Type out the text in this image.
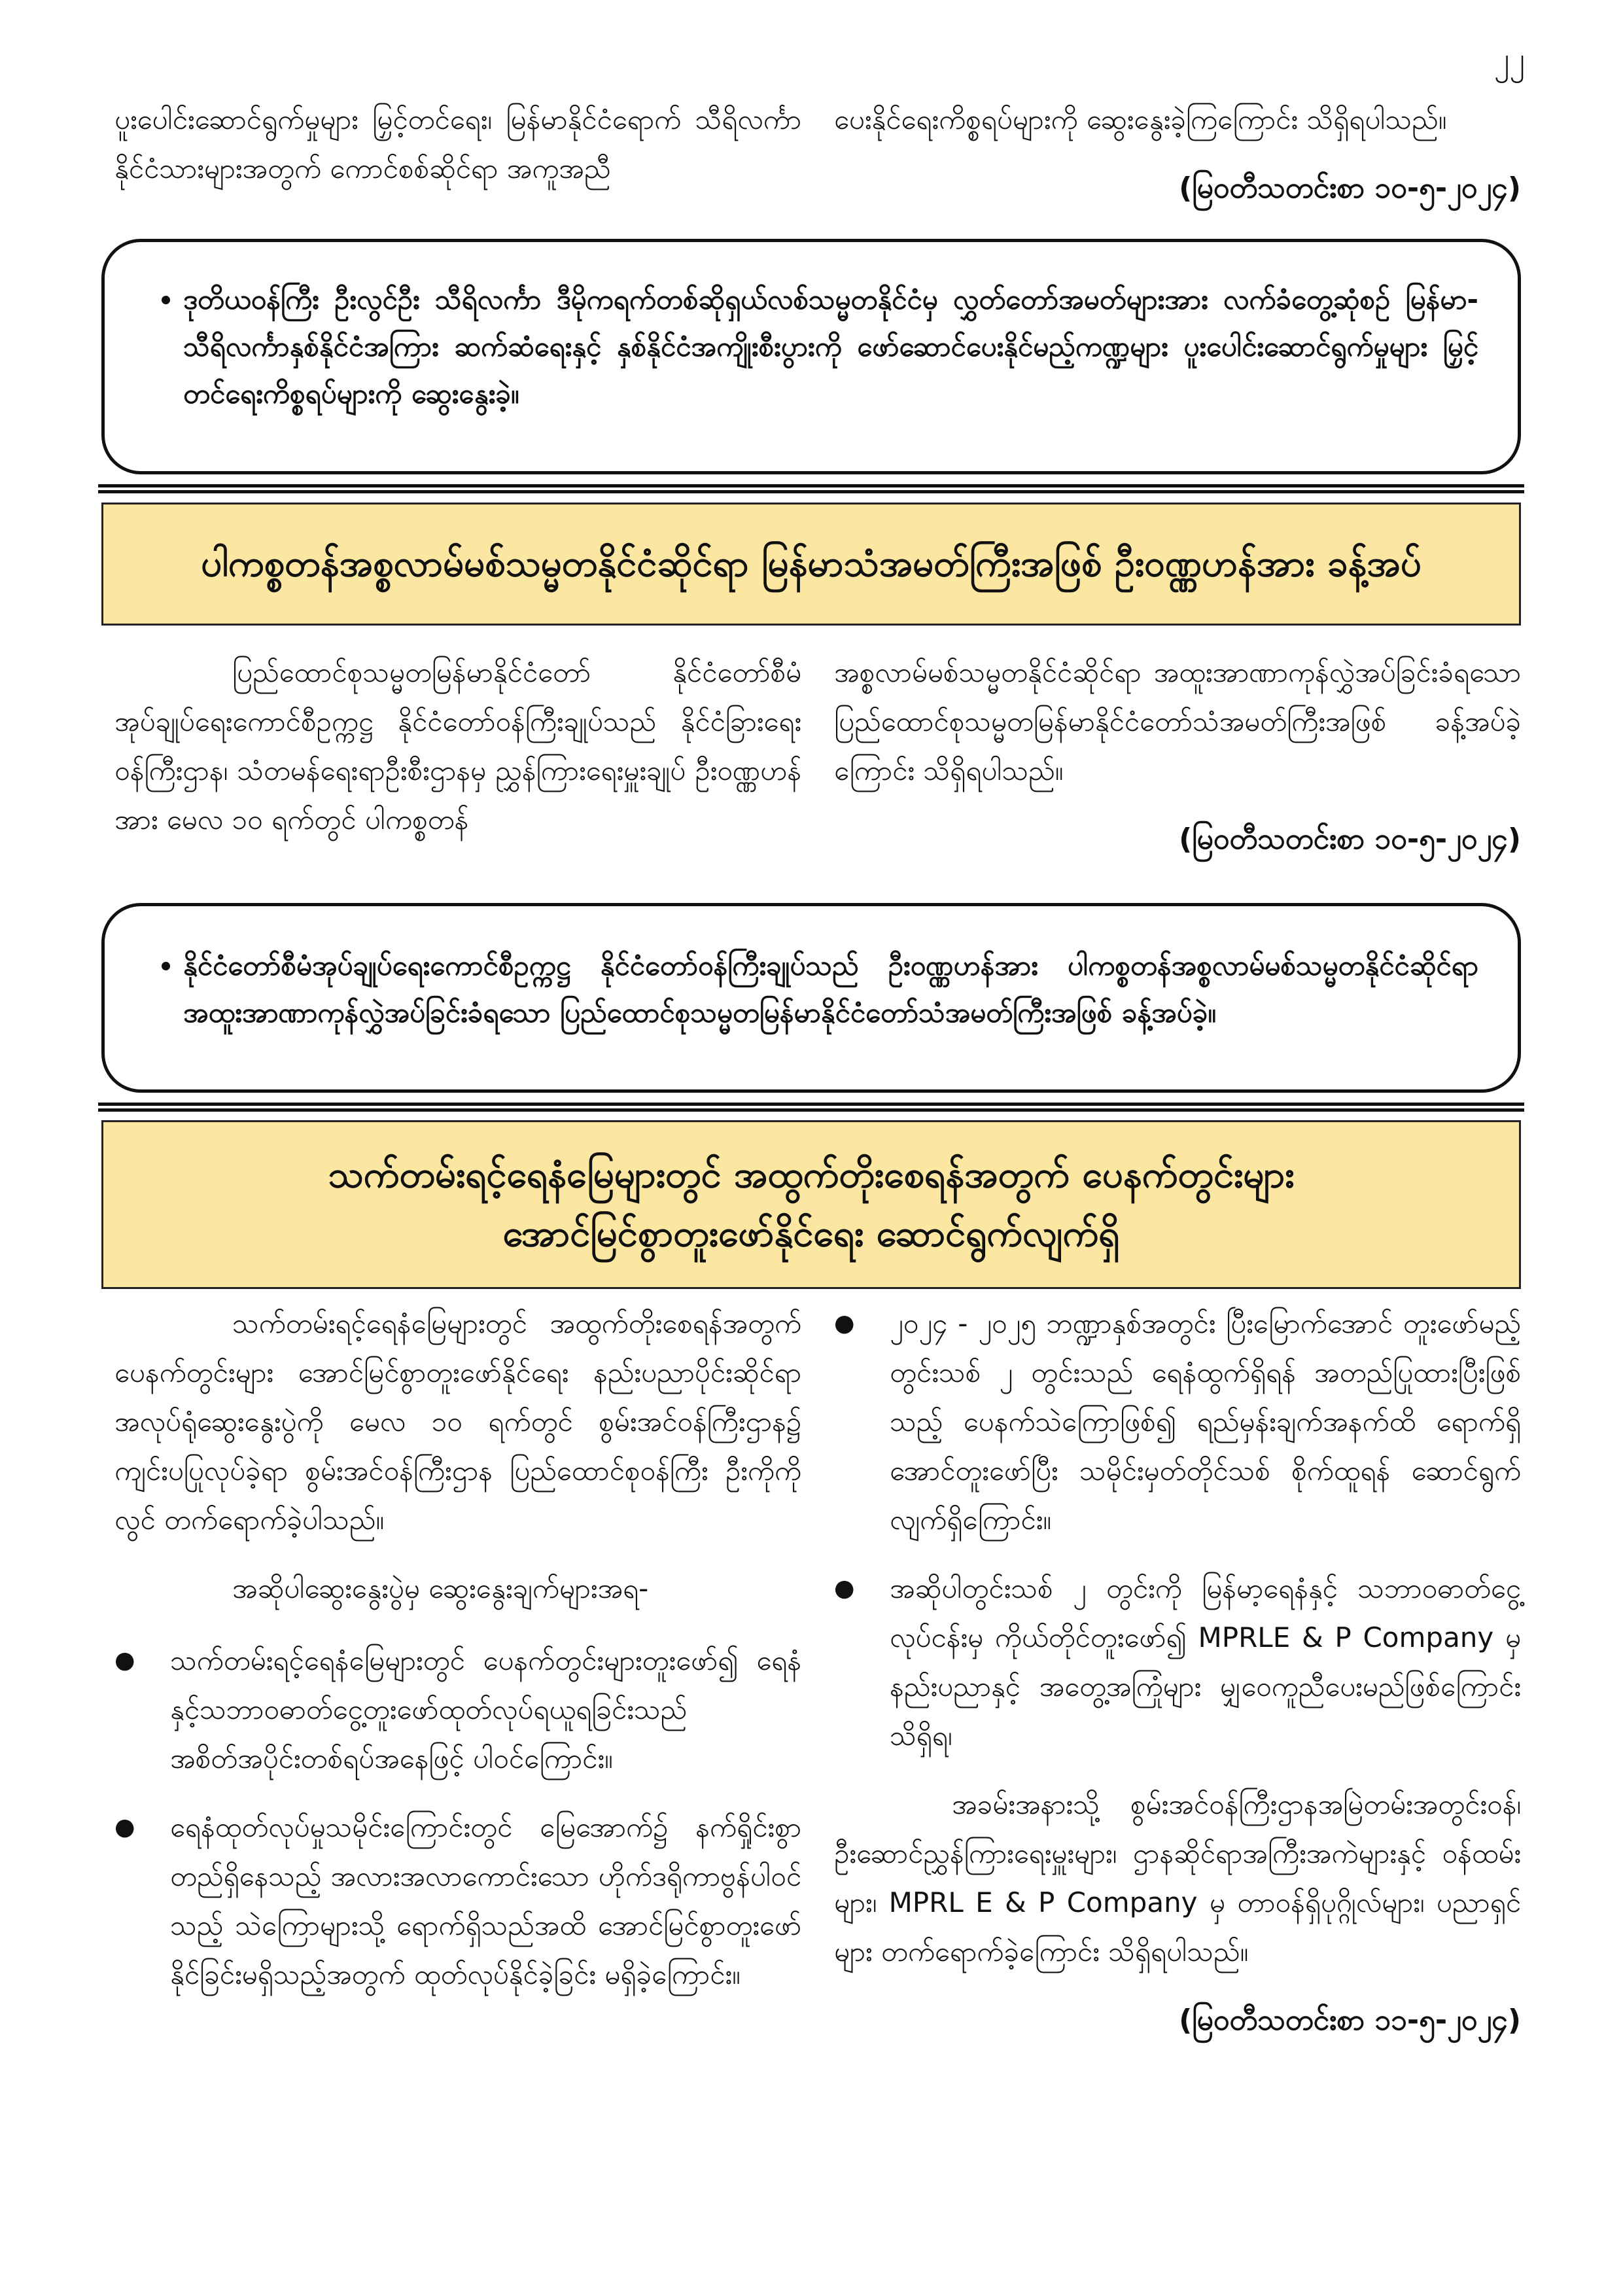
၂၂

ပူးပေါင်းဆောင်ရွက်မှုများ မြှင့်တင်ရေး၊ မြန်မာနိုင်ငံရောက် သီရိလင်္ကာနိုင်ငံသားများအတွက် ကောင်စစ်ဆိုင်ရာ အကူအညီ

ပေးနိုင်ရေးကိစ္စရပ်များကို ဆွေးနွေးခဲ့ကြကြောင်း သိရှိရပါသည်။

(မြဝတီသတင်းစာ ၁၀-၅-၂၀၂၄)

• ဒုတိယဝန်ကြီး ဦးလွင်ဦး သီရိလင်္ကာ ဒီမိုကရက်တစ်ဆိုရှယ်လစ်သမ္မတနိုင်ငံမှ လွှတ်တော်အမတ်များအား လက်ခံတွေ့ဆုံစဉ် မြန်မာ-သီရိလင်္ကာနှစ်နိုင်ငံအကြား ဆက်ဆံရေးနှင့် နှစ်နိုင်ငံအကျိုးစီးပွားကို ဖော်ဆောင်ပေးနိုင်မည့်ကဏ္ဍများ ပူးပေါင်းဆောင်ရွက်မှုများ မြှင့်တင်ရေးကိစ္စရပ်များကို ဆွေးနွေးခဲ့။
ပါကစ္စတန်အစ္စလာမ်မစ်သမ္မတနိုင်ငံဆိုင်ရာ မြန်မာသံအမတ်ကြီးအဖြစ် ဦးဝဏ္ဏဟန်အား ခန့်အပ်

ပြည်ထောင်စုသမ္မတမြန်မာနိုင်ငံတော် နိုင်ငံတော်စီမံအုပ်ချုပ်ရေးကောင်စီဥက္ကဋ္ဌ နိုင်ငံတော်ဝန်ကြီးချုပ်သည် နိုင်ငံခြားရေးဝန်ကြီးဌာန၊ သံတမန်ရေးရာဦးစီးဌာနမှ ညွှန်ကြားရေးမှူးချုပ် ဦးဝဏ္ဏဟန်အား မေလ ၁၀ ရက်တွင် ပါကစ္စတန်

အစ္စလာမ်မစ်သမ္မတနိုင်ငံဆိုင်ရာ အထူးအာဏာကုန်လွှဲအပ်ခြင်းခံရသော ပြည်ထောင်စုသမ္မတမြန်မာနိုင်ငံတော်သံအမတ်ကြီးအဖြစ် ခန့်အပ်ခဲ့ကြောင်း သိရှိရပါသည်။

(မြဝတီသတင်းစာ ၁၀-၅-၂၀၂၄)

• နိုင်ငံတော်စီမံအုပ်ချုပ်ရေးကောင်စီဥက္ကဋ္ဌ နိုင်ငံတော်ဝန်ကြီးချုပ်သည် ဦးဝဏ္ဏဟန်အား ပါကစ္စတန်အစ္စလာမ်မစ်သမ္မတနိုင်ငံဆိုင်ရာ အထူးအာဏာကုန်လွှဲအပ်ခြင်းခံရသော ပြည်ထောင်စုသမ္မတမြန်မာနိုင်ငံတော်သံအမတ်ကြီးအဖြစ် ခန့်အပ်ခဲ့။
သက်တမ်းရင့်ရေနံမြေများတွင် အထွက်တိုးစေရန်အတွက် ပေနက်တွင်းများ
အောင်မြင်စွာတူးဖော်နိုင်ရေး ဆောင်ရွက်လျက်ရှိ

သက်တမ်းရင့်ရေနံမြေများတွင် အထွက်တိုးစေရန်အတွက် ပေနက်တွင်းများ အောင်မြင်စွာတူးဖော်နိုင်ရေး နည်းပညာပိုင်းဆိုင်ရာ အလုပ်ရုံဆွေးနွေးပွဲကို မေလ ၁၀ ရက်တွင် စွမ်းအင်ဝန်ကြီးဌာန၌ ကျင်းပပြုလုပ်ခဲ့ရာ စွမ်းအင်ဝန်ကြီးဌာန ပြည်ထောင်စုဝန်ကြီး ဦးကိုကိုလွင် တက်ရောက်ခဲ့ပါသည်။

အဆိုပါဆွေးနွေးပွဲမှ ဆွေးနွေးချက်များအရ-

● သက်တမ်းရင့်ရေနံမြေများတွင် ပေနက်တွင်းများတူးဖော်၍ ရေနံနှင့်သဘာဝဓာတ်ငွေ့တူးဖော်ထုတ်လုပ်ရယူရခြင်းသည် အစိတ်အပိုင်းတစ်ရပ်အနေဖြင့် ပါဝင်ကြောင်း။
● ရေနံထုတ်လုပ်မှုသမိုင်းကြောင်းတွင် မြေအောက်၌ နက်ရှိုင်းစွာ တည်ရှိနေသည့် အလားအလာကောင်းသော ဟိုက်ဒရိုကာဗွန်ပါဝင်သည့် သဲကြောများသို့ ရောက်ရှိသည်အထိ အောင်မြင်စွာတူးဖော်နိုင်ခြင်းမရှိသည့်အတွက် ထုတ်လုပ်နိုင်ခဲ့ခြင်း မရှိခဲ့ကြောင်း။
● ၂၀၂၄ - ၂၀၂၅ ဘဏ္ဍာနှစ်အတွင်း ပြီးမြောက်အောင် တူးဖော်မည့် တွင်းသစ် ၂ တွင်းသည် ရေနံထွက်ရှိရန် အတည်ပြုထားပြီးဖြစ်သည့် ပေနက်သဲကြောဖြစ်၍ ရည်မှန်းချက်အနက်ထိ ရောက်ရှိအောင်တူးဖော်ပြီး သမိုင်းမှတ်တိုင်သစ် စိုက်ထူရန် ဆောင်ရွက်လျက်ရှိကြောင်း။
● အဆိုပါတွင်းသစ် ၂ တွင်းကို မြန်မာ့ရေနံနှင့် သဘာဝဓာတ်ငွေ့လုပ်ငန်းမှ ကိုယ်တိုင်တူးဖော်၍ MPRLE & P Company မှ နည်းပညာနှင့် အတွေ့အကြုံများ မျှဝေကူညီပေးမည်ဖြစ်ကြောင်း သိရှိရ၊

အခမ်းအနားသို့ စွမ်းအင်ဝန်ကြီးဌာနအမြဲတမ်းအတွင်းဝန်၊ ဦးဆောင်ညွှန်ကြားရေးမှူးများ၊ ဌာနဆိုင်ရာအကြီးအကဲများနှင့် ဝန်ထမ်းများ၊ MPRL E & P Company မှ တာဝန်ရှိပုဂ္ဂိုလ်များ၊ ပညာရှင်များ တက်ရောက်ခဲ့ကြောင်း သိရှိရပါသည်။

(မြဝတီသတင်းစာ ၁၁-၅-၂၀၂၄)
